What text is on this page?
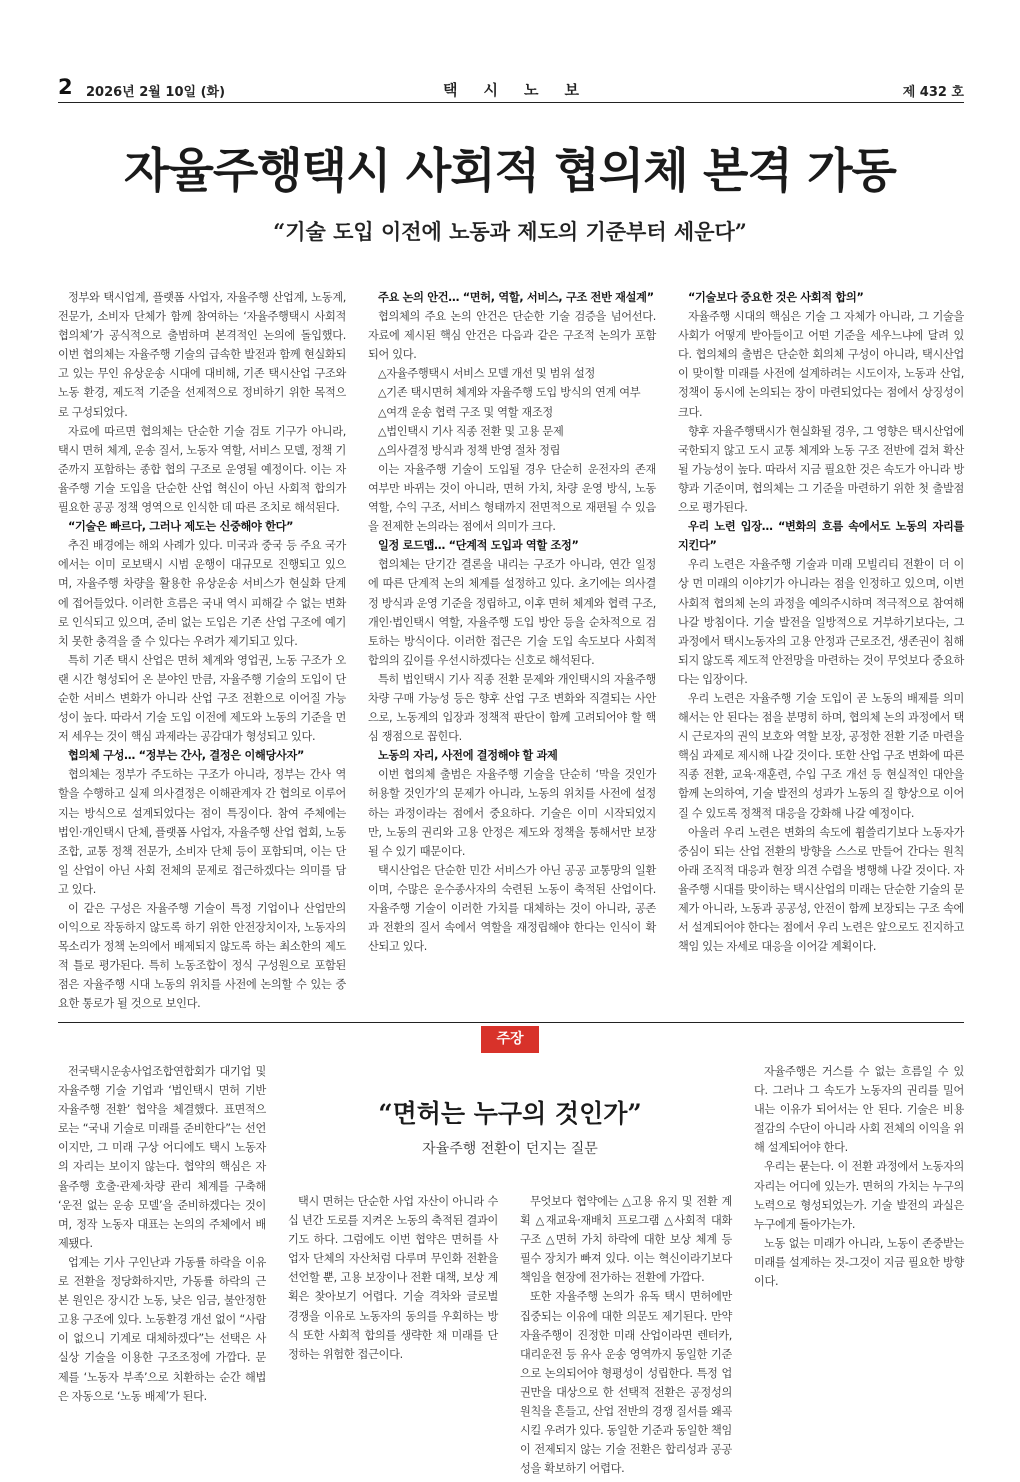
2 2026년 2월 10일 (화)	택시노보	제 432 호
자율주행택시 사회적 협의체 본격 가동
“기술 도입 이전에 노동과 제도의 기준부터 세운다”

정부와 택시업계, 플랫폼 사업자, 자율주행 산업계, 노동계, 전문가, 소비자 단체가 함께 참여하는 ‘자율주행택시 사회적 협의체’가 공식적으로 출범하며 본격적인 논의에 돌입했다. 이번 협의체는 자율주행 기술의 급속한 발전과 함께 현실화되고 있는 무인 유상운송 시대에 대비해, 기존 택시산업 구조와 노동 환경, 제도적 기준을 선제적으로 정비하기 위한 목적으로 구성되었다.

자료에 따르면 협의체는 단순한 기술 검토 기구가 아니라, 택시 면허 체계, 운송 질서, 노동자 역할, 서비스 모델, 정책 기준까지 포함하는 종합 협의 구조로 운영될 예정이다. 이는 자율주행 기술 도입을 단순한 산업 혁신이 아닌 사회적 합의가 필요한 공공 정책 영역으로 인식한 데 따른 조치로 해석된다.

“기술은 빠르다, 그러나 제도는 신중해야 한다”

추진 배경에는 해외 사례가 있다. 미국과 중국 등 주요 국가에서는 이미 로보택시 시범 운행이 대규모로 진행되고 있으며, 자율주행 차량을 활용한 유상운송 서비스가 현실화 단계에 접어들었다. 이러한 흐름은 국내 역시 피해갈 수 없는 변화로 인식되고 있으며, 준비 없는 도입은 기존 산업 구조에 예기치 못한 충격을 줄 수 있다는 우려가 제기되고 있다.

특히 기존 택시 산업은 면허 체계와 영업권, 노동 구조가 오랜 시간 형성되어 온 분야인 만큼, 자율주행 기술의 도입이 단순한 서비스 변화가 아니라 산업 구조 전환으로 이어질 가능성이 높다. 따라서 기술 도입 이전에 제도와 노동의 기준을 먼저 세우는 것이 핵심 과제라는 공감대가 형성되고 있다.

협의체 구성… “정부는 간사, 결정은 이해당사자”

협의체는 정부가 주도하는 구조가 아니라, 정부는 간사 역할을 수행하고 실제 의사결정은 이해관계자 간 협의로 이루어지는 방식으로 설계되었다는 점이 특징이다. 참여 주체에는 법인·개인택시 단체, 플랫폼 사업자, 자율주행 산업 협회, 노동조합, 교통 정책 전문가, 소비자 단체 등이 포함되며, 이는 단일 산업이 아닌 사회 전체의 문제로 접근하겠다는 의미를 담고 있다.

이 같은 구성은 자율주행 기술이 특정 기업이나 산업만의 이익으로 작동하지 않도록 하기 위한 안전장치이자, 노동자의 목소리가 정책 논의에서 배제되지 않도록 하는 최소한의 제도적 틀로 평가된다. 특히 노동조합이 정식 구성원으로 포함된 점은 자율주행 시대 노동의 위치를 사전에 논의할 수 있는 중요한 통로가 될 것으로 보인다.

주요 논의 안건… “면허, 역할, 서비스, 구조 전반 재설계”

협의체의 주요 논의 안건은 단순한 기술 검증을 넘어선다. 자료에 제시된 핵심 안건은 다음과 같은 구조적 논의가 포함되어 있다.

△자율주행택시 서비스 모델 개선 및 범위 설정

△기존 택시면허 체계와 자율주행 도입 방식의 연계 여부

△여객 운송 협력 구조 및 역할 재조정

△법인택시 기사 직종 전환 및 고용 문제

△의사결정 방식과 정책 반영 절차 정립

이는 자율주행 기술이 도입될 경우 단순히 운전자의 존재 여부만 바뀌는 것이 아니라, 면허 가치, 차량 운영 방식, 노동 역할, 수익 구조, 서비스 형태까지 전면적으로 재편될 수 있음을 전제한 논의라는 점에서 의미가 크다.

일정 로드맵… “단계적 도입과 역할 조정”

협의체는 단기간 결론을 내리는 구조가 아니라, 연간 일정에 따른 단계적 논의 체계를 설정하고 있다. 초기에는 의사결정 방식과 운영 기준을 정립하고, 이후 면허 체계와 협력 구조, 개인·법인택시 역할, 자율주행 도입 방안 등을 순차적으로 검토하는 방식이다. 이러한 접근은 기술 도입 속도보다 사회적 합의의 깊이를 우선시하겠다는 신호로 해석된다.

특히 법인택시 기사 직종 전환 문제와 개인택시의 자율주행 차량 구매 가능성 등은 향후 산업 구조 변화와 직결되는 사안으로, 노동계의 입장과 정책적 판단이 함께 고려되어야 할 핵심 쟁점으로 꼽힌다.

노동의 자리, 사전에 결정해야 할 과제

이번 협의체 출범은 자율주행 기술을 단순히 ‘막을 것인가 허용할 것인가’의 문제가 아니라, 노동의 위치를 사전에 설정하는 과정이라는 점에서 중요하다. 기술은 이미 시작되었지만, 노동의 권리와 고용 안정은 제도와 정책을 통해서만 보장될 수 있기 때문이다.

택시산업은 단순한 민간 서비스가 아닌 공공 교통망의 일환이며, 수많은 운수종사자의 숙련된 노동이 축적된 산업이다. 자율주행 기술이 이러한 가치를 대체하는 것이 아니라, 공존과 전환의 질서 속에서 역할을 재정립해야 한다는 인식이 확산되고 있다.

“기술보다 중요한 것은 사회적 합의”

자율주행 시대의 핵심은 기술 그 자체가 아니라, 그 기술을 사회가 어떻게 받아들이고 어떤 기준을 세우느냐에 달려 있다. 협의체의 출범은 단순한 회의체 구성이 아니라, 택시산업이 맞이할 미래를 사전에 설계하려는 시도이자, 노동과 산업, 정책이 동시에 논의되는 장이 마련되었다는 점에서 상징성이 크다.

향후 자율주행택시가 현실화될 경우, 그 영향은 택시산업에 국한되지 않고 도시 교통 체계와 노동 구조 전반에 걸쳐 확산될 가능성이 높다. 따라서 지금 필요한 것은 속도가 아니라 방향과 기준이며, 협의체는 그 기준을 마련하기 위한 첫 출발점으로 평가된다.

우리 노련 입장… “변화의 흐름 속에서도 노동의 자리를 지킨다”

우리 노련은 자율주행 기술과 미래 모빌리티 전환이 더 이상 먼 미래의 이야기가 아니라는 점을 인정하고 있으며, 이번 사회적 협의체 논의 과정을 예의주시하며 적극적으로 참여해 나갈 방침이다. 기술 발전을 일방적으로 거부하기보다는, 그 과정에서 택시노동자의 고용 안정과 근로조건, 생존권이 침해되지 않도록 제도적 안전망을 마련하는 것이 무엇보다 중요하다는 입장이다.

우리 노련은 자율주행 기술 도입이 곧 노동의 배제를 의미해서는 안 된다는 점을 분명히 하며, 협의체 논의 과정에서 택시 근로자의 권익 보호와 역할 보장, 공정한 전환 기준 마련을 핵심 과제로 제시해 나갈 것이다. 또한 산업 구조 변화에 따른 직종 전환, 교육·재훈련, 수입 구조 개선 등 현실적인 대안을 함께 논의하여, 기술 발전의 성과가 노동의 질 향상으로 이어질 수 있도록 정책적 대응을 강화해 나갈 예정이다.

아울러 우리 노련은 변화의 속도에 휩쓸리기보다 노동자가 중심이 되는 산업 전환의 방향을 스스로 만들어 간다는 원칙 아래 조직적 대응과 현장 의견 수렴을 병행해 나갈 것이다. 자율주행 시대를 맞이하는 택시산업의 미래는 단순한 기술의 문제가 아니라, 노동과 공공성, 안전이 함께 보장되는 구조 속에서 설계되어야 한다는 점에서 우리 노련은 앞으로도 진지하고 책임 있는 자세로 대응을 이어갈 계획이다.

주장
“면허는 누구의 것인가”
자율주행 전환이 던지는 질문

전국택시운송사업조합연합회가 대기업 및 자율주행 기술 기업과 ‘법인택시 면허 기반 자율주행 전환’ 협약을 체결했다. 표면적으로는 “국내 기술로 미래를 준비한다”는 선언이지만, 그 미래 구상 어디에도 택시 노동자의 자리는 보이지 않는다. 협약의 핵심은 자율주행 호출·관제·차량 관리 체계를 구축해 ‘운전 없는 운송 모델’을 준비하겠다는 것이며, 정작 노동자 대표는 논의의 주체에서 배제됐다.

업계는 기사 구인난과 가동률 하락을 이유로 전환을 정당화하지만, 가동률 하락의 근본 원인은 장시간 노동, 낮은 임금, 불안정한 고용 구조에 있다. 노동환경 개선 없이 “사람이 없으니 기계로 대체하겠다”는 선택은 사실상 기술을 이용한 구조조정에 가깝다. 문제를 ‘노동자 부족’으로 치환하는 순간 해법은 자동으로 ‘노동 배제’가 된다.

택시 면허는 단순한 사업 자산이 아니라 수십 년간 도로를 지켜온 노동의 축적된 결과이기도 하다. 그럼에도 이번 협약은 면허를 사업자 단체의 자산처럼 다루며 무인화 전환을 선언할 뿐, 고용 보장이나 전환 대책, 보상 계획은 찾아보기 어렵다. 기술 격차와 글로벌 경쟁을 이유로 노동자의 동의를 우회하는 방식 또한 사회적 합의를 생략한 채 미래를 단정하는 위험한 접근이다.

무엇보다 협약에는 △고용 유지 및 전환 계획 △재교육·재배치 프로그램 △사회적 대화 구조 △면허 가치 하락에 대한 보상 체계 등 필수 장치가 빠져 있다. 이는 혁신이라기보다 책임을 현장에 전가하는 전환에 가깝다.

또한 자율주행 논의가 유독 택시 면허에만 집중되는 이유에 대한 의문도 제기된다. 만약 자율주행이 진정한 미래 산업이라면 렌터카, 대리운전 등 유사 운송 영역까지 동일한 기준으로 논의되어야 형평성이 성립한다. 특정 업권만을 대상으로 한 선택적 전환은 공정성의 원칙을 흔들고, 산업 전반의 경쟁 질서를 왜곡시킬 우려가 있다. 동일한 기준과 동일한 책임이 전제되지 않는 기술 전환은 합리성과 공공성을 확보하기 어렵다.

자율주행은 거스를 수 없는 흐름일 수 있다. 그러나 그 속도가 노동자의 권리를 밀어내는 이유가 되어서는 안 된다. 기술은 비용 절감의 수단이 아니라 사회 전체의 이익을 위해 설계되어야 한다.

우리는 묻는다. 이 전환 과정에서 노동자의 자리는 어디에 있는가. 면허의 가치는 누구의 노력으로 형성되었는가. 기술 발전의 과실은 누구에게 돌아가는가.

노동 없는 미래가 아니라, 노동이 존중받는 미래를 설계하는 것-그것이 지금 필요한 방향이다.
